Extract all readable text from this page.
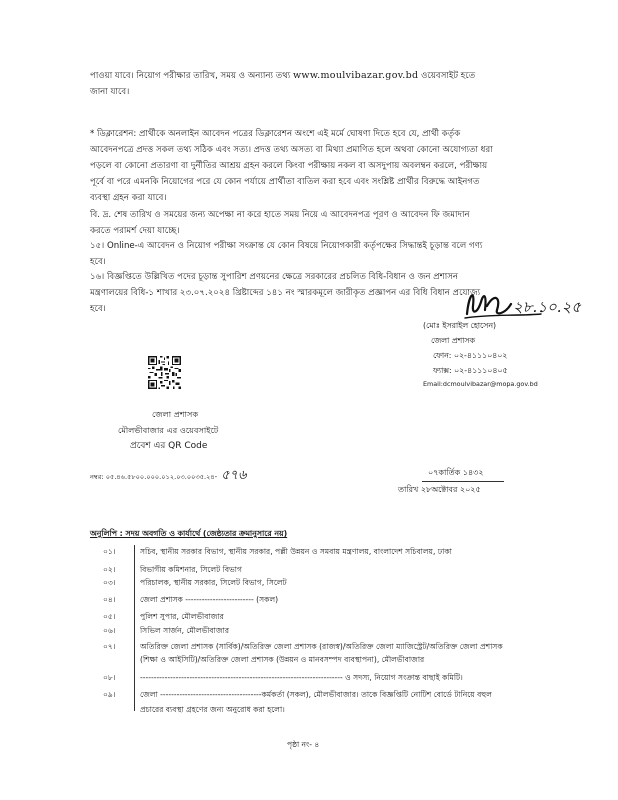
পাওয়া যাবে। নিয়োগ পরীক্ষার তারিখ, সময় ও অন্যান্য তথ্য www.moulvibazar.gov.bd ওয়েবসাইট হতে
জানা যাবে।
* ডিক্লারেশন: প্রার্থীকে অনলাইন আবেদন পত্রের ডিক্লারেশন অংশে এই মর্মে ঘোষণা দিতে হবে যে, প্রার্থী কর্তৃক
আবেদনপত্রে প্রদত্ত সকল তথ্য সঠিক এবং সত্য। প্রদত্ত তথ্য অসত্য বা মিথ্যা প্রমাণিত হলে অথবা কোনো অযোগ্যতা ধরা
পড়লে বা কোনো প্রতারণা বা দুর্নীতির আশ্রয় গ্রহন করলে কিংবা পরীক্ষায় নকল বা অসদুপায় অবলম্বন করলে, পরীক্ষায়
পূর্বে বা পরে এমনকি নিয়োগের পরে যে কোন পর্যায়ে প্রার্থীতা বাতিল করা হবে এবং সংশ্লিষ্ট প্রার্থীর বিরুদ্ধে আইনগত
ব্যবস্থা গ্রহন করা যাবে।
বি. দ্র. শেষ তারিখ ও সময়ের জন্য অপেক্ষা না করে হাতে সময় নিয়ে এ আবেদনপত্র পূরণ ও আবেদন ফি জমাদান
করতে পরামর্শ দেয়া যাচ্ছে।
১৫। Online-এ আবেদন ও নিয়োগ পরীক্ষা সংক্রান্ত যে কোন বিষয়ে নিয়োগকারী কর্তৃপক্ষের সিদ্ধান্তই চূড়ান্ত বলে গণ্য
হবে।
১৬। বিজ্ঞপ্তিতে উল্লিখিত পদের চূড়ান্ত সুপারিশ প্রণয়নের ক্ষেত্রে সরকারের প্রচলিত বিধি-বিধান ও জন প্রশাসন
মন্ত্রণালয়ের বিধি-১ শাখার ২৩.০৭.২০২৪ খ্রিষ্টাব্দের ১৪১ নং স্মারকমূলে জারীকৃত প্রজ্ঞাপন এর বিধি বিধান প্রযোজ্য
হবে।	২৮.১০.২৫
(মোঃ ইসরাইল হোসেন)
জেলা প্রশাসক
ফোন: ০২-৪১১১০৪০২
ফ্যাক্স: ০২-৪১১১০৪০৫
Email:dcmoulvibazar@mopa.gov.bd
জেলা প্রশাসক
মৌলভীবাজার এর ওয়েবসাইটে
প্রবেশ এর QR Code
নম্বর: ০৫.৪৬.৫৮০০.০০০.০১২.০৩.০০৩৫.২৪- ৫৭৬	০৭কার্তিক ১৪৩২
তারিখ ২৮অক্টোবর ২০২৫
অনুলিপি : সদয় অবগতি ও কার্যার্থে (জেষ্ঠ্যতার ক্রমানুসারে নয়)
০১।	সচিব, স্থানীয় সরকার বিভাগ, স্থানীয় সরকার, পল্লী উন্নয়ন ও সমবায় মন্ত্রণালয়, বাংলাদেশ সচিবালয়, ঢাকা
০২।	বিভাগীয় কমিশনার, সিলেট বিভাগ
০৩।	পরিচালক, স্থানীয় সরকার, সিলেট বিভাগ, সিলেট
০৪।	জেলা প্রশাসক ------------------------- (সকল)
০৫।	পুলিশ সুপার, মৌলভীবাজার
০৬।	সিভিল সার্জন, মৌলভীবাজার
০৭।	অতিরিক্ত জেলা প্রশাসক (সার্বিক)/অতিরিক্ত জেলা প্রশাসক (রাজস্ব)/অতিরিক্ত জেলা ম্যাজিস্ট্রেট/অতিরিক্ত জেলা প্রশাসক
(শিক্ষা ও আইসিটি)/অতিরিক্ত জেলা প্রশাসক (উন্নয়ন ও মানবসম্পদ ব্যবস্থাপনা), মৌলভীবাজার
০৮।	-------------------------------------------------------------------------- ও সদস্য, নিয়োগ সংক্রান্ত বাছাই কমিটি।
০৯।	জেলা -------------------------------------কর্মকর্তা (সকল), মৌলভীবাজার। তাকে বিজ্ঞপ্তিটি নোটিশ বোর্ডে টানিয়ে বহুল
প্রচারের ব্যবস্থা গ্রহণের জন্য অনুরোধ করা হলো।
পৃষ্ঠা নং- ৪
